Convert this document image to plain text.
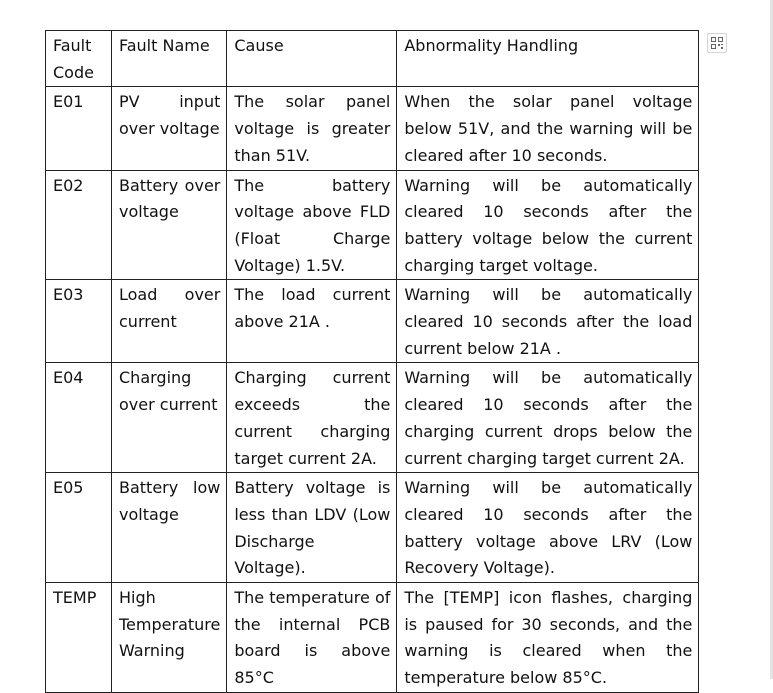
Fault Code	Fault Name	Cause	Abnormality Handling
E01	PV input over voltage	The solar panel voltage is greater than 51V.	When the solar panel voltage below 51V, and the warning will be cleared after 10 seconds.
E02	Battery over voltage	The battery voltage above FLD (Float Charge Voltage) 1.5V.	Warning will be automatically cleared 10 seconds after the battery voltage below the current charging target voltage.
E03	Load over current	The load current above 21A .	Warning will be automatically cleared 10 seconds after the load current below 21A .
E04	Charging over current	Charging current exceeds the current charging target current 2A.	Warning will be automatically cleared 10 seconds after the charging current drops below the current charging target current 2A.
E05	Battery low voltage	Battery voltage is less than LDV (Low Discharge Voltage).	Warning will be automatically cleared 10 seconds after the battery voltage above LRV (Low Recovery Voltage).
TEMP	High Temperature Warning	The temperature of the internal PCB board is above 85°C	The [TEMP] icon flashes, charging is paused for 30 seconds, and the warning is cleared when the temperature below 85°C.
